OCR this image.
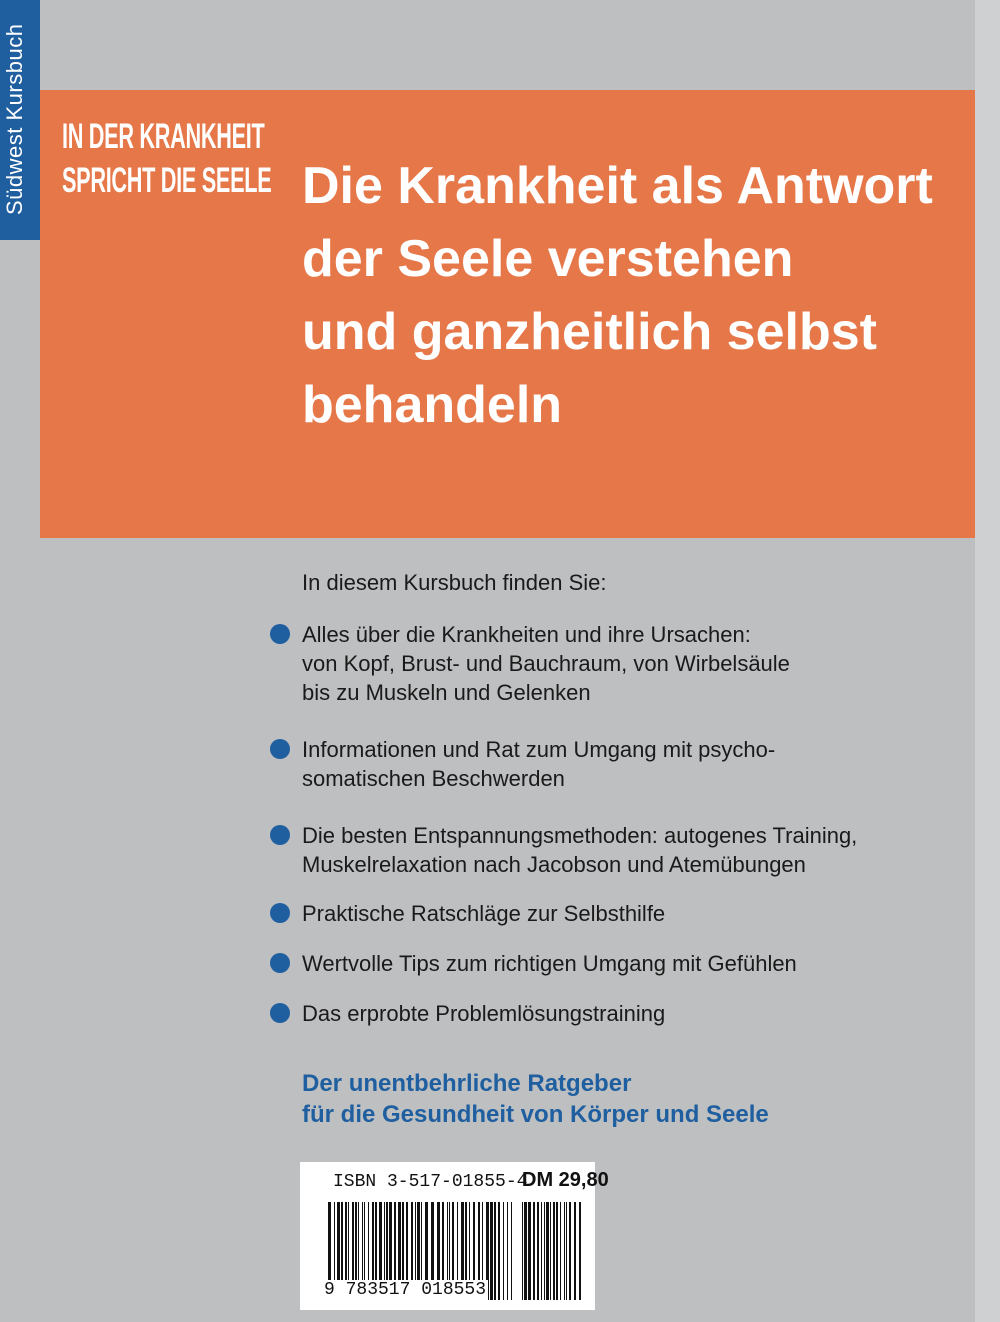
Südwest Kursbuch IN DER KRANKHEIT
SPRICHT DIE SEELE Die Krankheit als Antwort
der Seele verstehen
und ganzheitlich selbst
behandeln
In diesem Kursbuch finden Sie:
Alles über die Krankheiten und ihre Ursachen:
von Kopf, Brust- und Bauchraum, von Wirbelsäule
bis zu Muskeln und Gelenken
Informationen und Rat zum Umgang mit psycho-
somatischen Beschwerden
Die besten Entspannungsmethoden: autogenes Training,
Muskelrelaxation nach Jacobson und Atemübungen
Praktische Ratschläge zur Selbsthilfe
Wertvolle Tips zum richtigen Umgang mit Gefühlen
Das erprobte Problemlösungstraining
Der unentbehrliche Ratgeber
für die Gesundheit von Körper und Seele
ISBN 3-517-01855-4
DM 29,80
9 783517 018553
